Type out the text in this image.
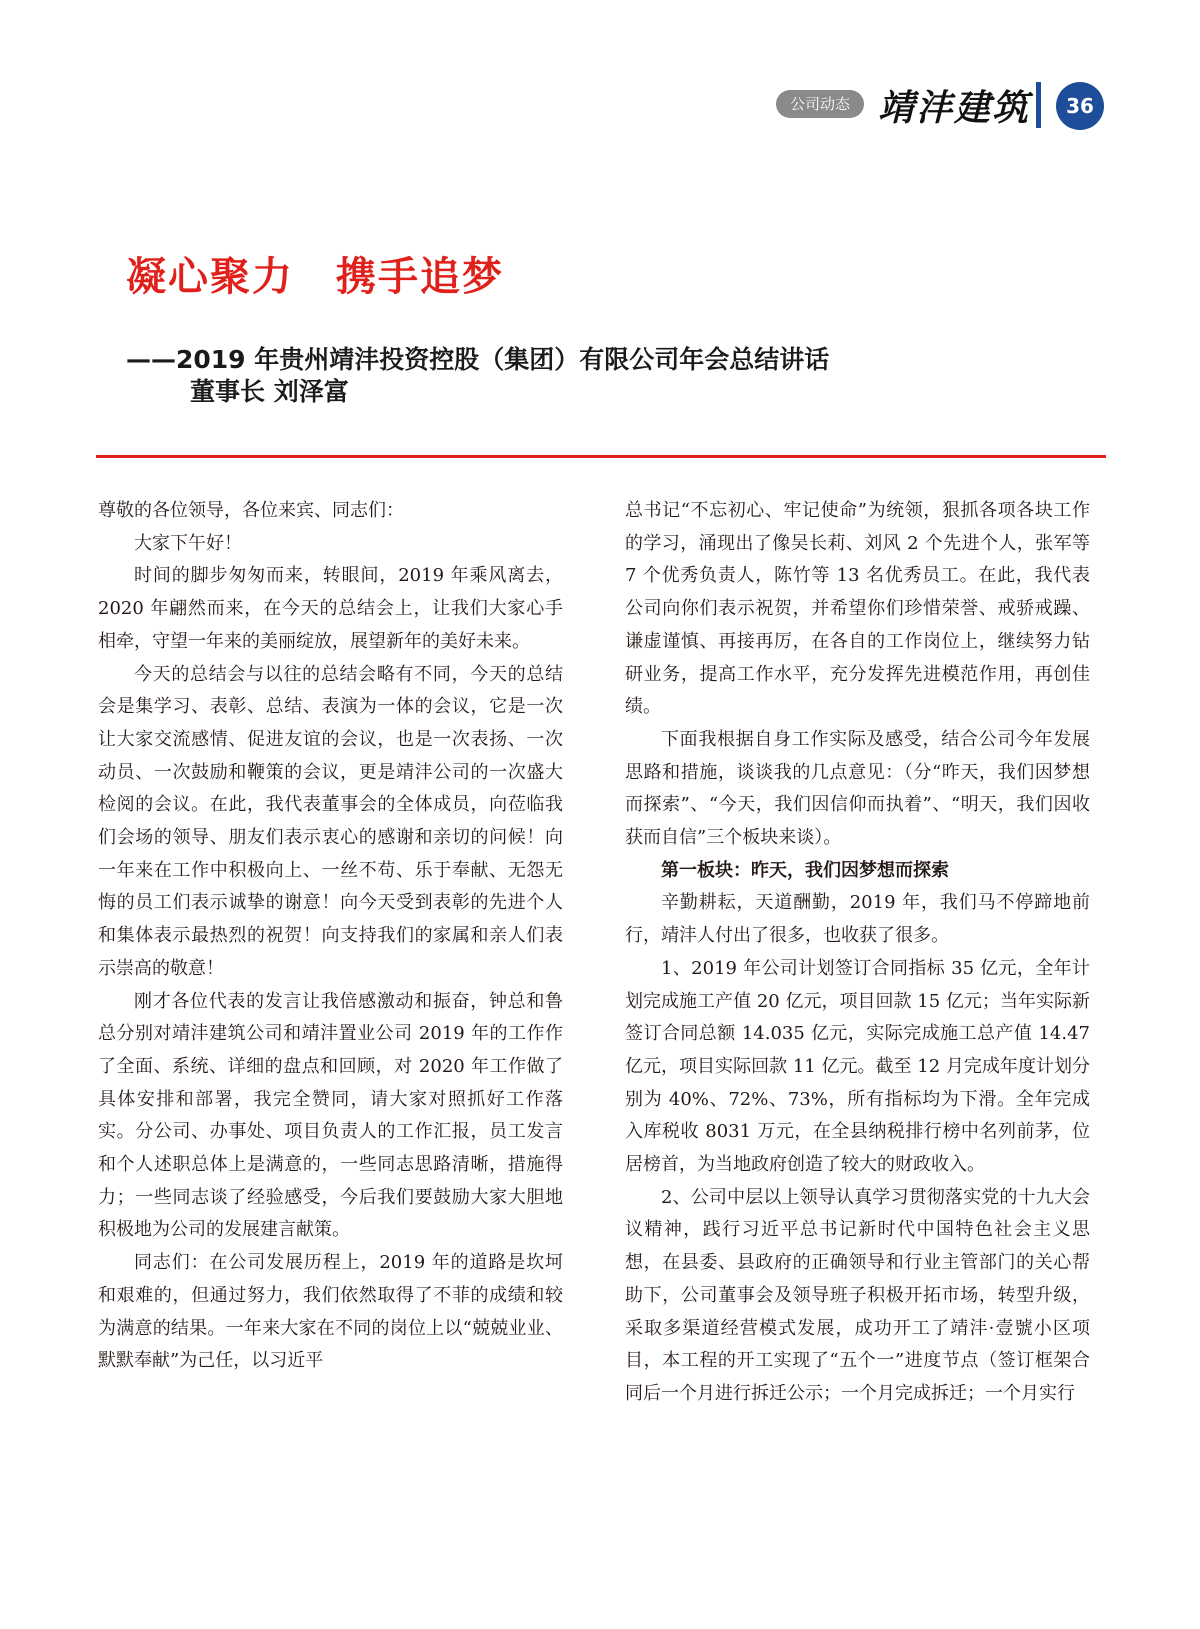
公司动态 靖沣建筑	36
凝心聚力　携手追梦
——2019 年贵州靖沣投资控股（集团）有限公司年会总结讲话
董事长 刘泽富

尊敬的各位领导，各位来宾、同志们：

大家下午好！

时间的脚步匆匆而来，转眼间，2019 年乘风离去，2020 年翩然而来，在今天的总结会上，让我们大家心手相牵，守望一年来的美丽绽放，展望新年的美好未来。

今天的总结会与以往的总结会略有不同，今天的总结会是集学习、表彰、总结、表演为一体的会议，它是一次让大家交流感情、促进友谊的会议，也是一次表扬、一次动员、一次鼓励和鞭策的会议，更是靖沣公司的一次盛大检阅的会议。在此，我代表董事会的全体成员，向莅临我们会场的领导、朋友们表示衷心的感谢和亲切的问候！向一年来在工作中积极向上、一丝不苟、乐于奉献、无怨无悔的员工们表示诚挚的谢意！向今天受到表彰的先进个人和集体表示最热烈的祝贺！向支持我们的家属和亲人们表示崇高的敬意！

刚才各位代表的发言让我倍感激动和振奋，钟总和鲁总分别对靖沣建筑公司和靖沣置业公司 2019 年的工作作了全面、系统、详细的盘点和回顾，对 2020 年工作做了具体安排和部署，我完全赞同，请大家对照抓好工作落实。分公司、办事处、项目负责人的工作汇报，员工发言和个人述职总体上是满意的，一些同志思路清晰，措施得力；一些同志谈了经验感受，今后我们要鼓励大家大胆地积极地为公司的发展建言献策。

同志们：在公司发展历程上，2019 年的道路是坎坷和艰难的，但通过努力，我们依然取得了不菲的成绩和较为满意的结果。一年来大家在不同的岗位上以“兢兢业业、默默奉献”为己任，以习近平

总书记“不忘初心、牢记使命”为统领，狠抓各项各块工作的学习，涌现出了像吴长莉、刘风 2 个先进个人，张军等 7 个优秀负责人，陈竹等 13 名优秀员工。在此，我代表公司向你们表示祝贺，并希望你们珍惜荣誉、戒骄戒躁、谦虚谨慎、再接再厉，在各自的工作岗位上，继续努力钻研业务，提高工作水平，充分发挥先进模范作用，再创佳绩。

下面我根据自身工作实际及感受，结合公司今年发展思路和措施，谈谈我的几点意见：（分“昨天，我们因梦想而探索”、“今天，我们因信仰而执着”、“明天，我们因收获而自信”三个板块来谈）。

第一板块：昨天，我们因梦想而探索

辛勤耕耘，天道酬勤，2019 年，我们马不停蹄地前行，靖沣人付出了很多，也收获了很多。

1、2019 年公司计划签订合同指标 35 亿元，全年计划完成施工产值 20 亿元，项目回款 15 亿元；当年实际新签订合同总额 14.035 亿元，实际完成施工总产值 14.47 亿元，项目实际回款 11 亿元。截至 12 月完成年度计划分别为 40%、72%、73%，所有指标均为下滑。全年完成入库税收 8031 万元，在全县纳税排行榜中名列前茅，位居榜首，为当地政府创造了较大的财政收入。

2、公司中层以上领导认真学习贯彻落实党的十九大会议精神，践行习近平总书记新时代中国特色社会主义思想，在县委、县政府的正确领导和行业主管部门的关心帮助下，公司董事会及领导班子积极开拓市场，转型升级，采取多渠道经营模式发展，成功开工了靖沣·壹號小区项目，本工程的开工实现了“五个一”进度节点（签订框架合同后一个月进行拆迁公示；一个月完成拆迁；一个月实行
